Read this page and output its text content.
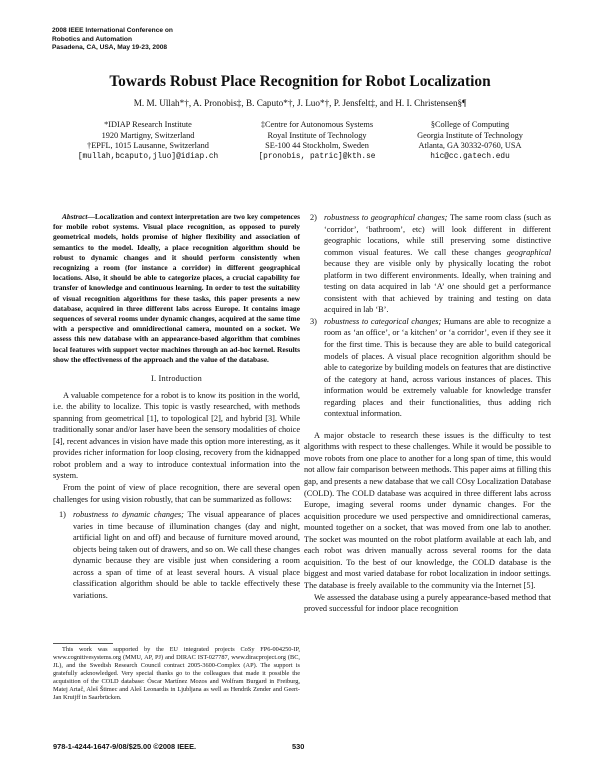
2008 IEEE International Conference on
Robotics and Automation
Pasadena, CA, USA, May 19-23, 2008
Towards Robust Place Recognition for Robot Localization
M. M. Ullah*†, A. Pronobis‡, B. Caputo*†, J. Luo*†, P. Jensfelt‡, and H. I. Christensen§¶
*IDIAP Research Institute
1920 Martigny, Switzerland
†EPFL, 1015 Lausanne, Switzerland
[mullah,bcaputo,jluo]@idiap.ch
‡Centre for Autonomous Systems
Royal Institute of Technology
SE-100 44 Stockholm, Sweden
[pronobis, patric]@kth.se
§College of Computing
Georgia Institute of Technology
Atlanta, GA 30332-0760, USA
hic@cc.gatech.edu

Abstract—Localization and context interpretation are two key competences for mobile robot systems. Visual place recognition, as opposed to purely geometrical models, holds promise of higher flexibility and association of semantics to the model. Ideally, a place recognition algorithm should be robust to dynamic changes and it should perform consistently when recognizing a room (for instance a corridor) in different geographical locations. Also, it should be able to categorize places, a crucial capability for transfer of knowledge and continuous learning. In order to test the suitability of visual recognition algorithms for these tasks, this paper presents a new database, acquired in three different labs across Europe. It contains image sequences of several rooms under dynamic changes, acquired at the same time with a perspective and omnidirectional camera, mounted on a socket. We assess this new database with an appearance-based algorithm that combines local features with support vector machines through an ad-hoc kernel. Results show the effectiveness of the approach and the value of the database.

I. Introduction

A valuable competence for a robot is to know its position in the world, i.e. the ability to localize. This topic is vastly researched, with methods spanning from geometrical [1], to topological [2], and hybrid [3]. While traditionally sonar and/or laser have been the sensory modalities of choice [4], recent advances in vision have made this option more interesting, as it provides richer information for loop closing, recovery from the kidnapped robot problem and a way to introduce contextual information into the system.

From the point of view of place recognition, there are several open challenges for using vision robustly, that can be summarized as follows:

1) robustness to dynamic changes; The visual appearance of places varies in time because of illumination changes (day and night, artificial light on and off) and because of furniture moved around, objects being taken out of drawers, and so on. We call these changes dynamic because they are visible just when considering a room across a span of time of at least several hours. A visual place classification algorithm should be able to tackle effectively these variations.
This work was supported by the EU integrated projects CoSy FP6-004250-IP, www.cognitivesystems.org (MMU, AP, PJ) and DIRAC IST-027787, www.diracproject.org (BC, JL), and the Swedish Research Council contract 2005-3600-Complex (AP). The support is gratefully acknowledged. Very special thanks go to the colleagues that made it possible the acquisition of the COLD database: Óscar Martínez Mozos and Wolfram Burgard in Freiburg, Matej Artač, Aleš Štimec and Aleš Leonardis in Ljubljana as well as Hendrik Zender and Geert-Jan Kruijff in Saarbrücken.
2) robustness to geographical changes; The same room class (such as ‘corridor’, ‘bathroom’, etc) will look different in different geographic locations, while still preserving some distinctive common visual features. We call these changes geographical because they are visible only by physically locating the robot platform in two different environments. Ideally, when training and testing on data acquired in lab ‘A’ one should get a performance consistent with that achieved by training and testing on data acquired in lab ‘B’.
3) robustness to categorical changes; Humans are able to recognize a room as ‘an office’, or ‘a kitchen’ or ‘a corridor’, even if they see it for the first time. This is because they are able to build categorical models of places. A visual place recognition algorithm should be able to categorize by building models on features that are distinctive of the category at hand, across various instances of places. This information would be extremely valuable for knowledge transfer regarding places and their functionalities, thus adding rich contextual information.

A major obstacle to research these issues is the difficulty to test algorithms with respect to these challenges. While it would be possible to move robots from one place to another for a long span of time, this would not allow fair comparison between methods. This paper aims at filling this gap, and presents a new database that we call COsy Localization Database (COLD). The COLD database was acquired in three different labs across Europe, imaging several rooms under dynamic changes. For the acquisition procedure we used perspective and omnidirectional cameras, mounted together on a socket, that was moved from one lab to another. The socket was mounted on the robot platform available at each lab, and each robot was driven manually across several rooms for the data acquisition. To the best of our knowledge, the COLD database is the biggest and most varied database for robot localization in indoor settings. The database is freely available to the community via the Internet [5].

We assessed the database using a purely appearance-based method that proved successful for indoor place recognition

978-1-4244-1647-9/08/$25.00 ©2008 IEEE.	530
